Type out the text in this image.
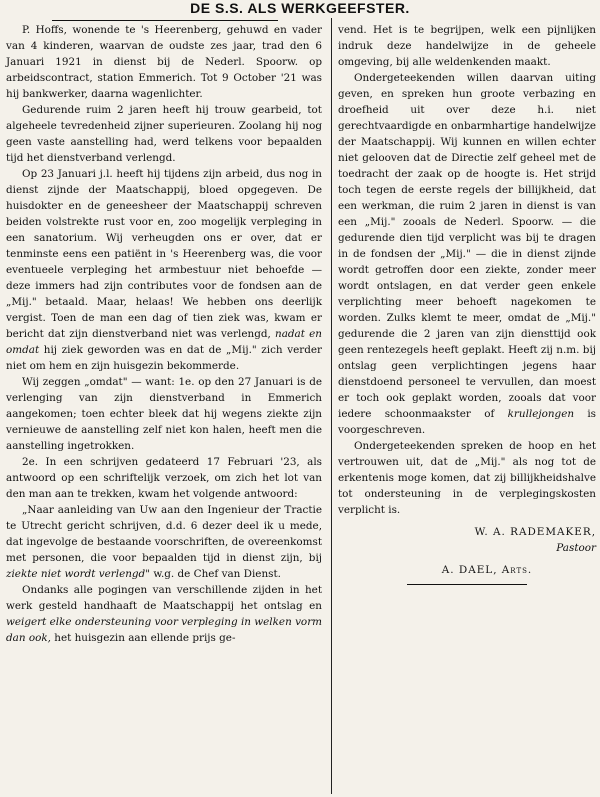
DE S.S. ALS WERKGEEFSTER.

P. Hoffs, wonende te 's Heerenberg, gehuwd en vader van 4 kinderen, waarvan de oudste zes jaar, trad den 6 Januari 1921 in dienst bij de Nederl. Spoorw. op arbeidscontract, station Emmerich. Tot 9 October '21 was hij bankwerker, daarna wagenlichter.

Gedurende ruim 2 jaren heeft hij trouw gearbeid, tot algeheele tevredenheid zijner superieuren. Zoolang hij nog geen vaste aanstelling had, werd telkens voor bepaalden tijd het dienstverband verlengd.

Op 23 Januari j.l. heeft hij tijdens zijn arbeid, dus nog in dienst zijnde der Maatschappij, bloed opgegeven. De huisdokter en de geneesheer der Maatschappij schreven beiden volstrekte rust voor en, zoo mogelijk verpleging in een sanatorium. Wij verheugden ons er over, dat er tenminste eens een patiënt in 's Heerenberg was, die voor eventueele verpleging het armbestuur niet behoefde — deze immers had zijn contributes voor de fondsen aan de „Mij." betaald. Maar, helaas! We hebben ons deerlijk vergist. Toen de man een dag of tien ziek was, kwam er bericht dat zijn dienstverband niet was verlengd, nadat en omdat hij ziek geworden was en dat de „Mij." zich verder niet om hem en zijn huisgezin bekommerde.

Wij zeggen „omdat" — want: 1e. op den 27 Januari is de verlenging van zijn dienstverband in Emmerich aangekomen; toen echter bleek dat hij wegens ziekte zijn vernieuwe de aanstelling zelf niet kon halen, heeft men die aanstelling ingetrokken.

2e. In een schrijven gedateerd 17 Februari '23, als antwoord op een schriftelijk verzoek, om zich het lot van den man aan te trekken, kwam het volgende antwoord:

„Naar aanleiding van Uw aan den Ingenieur der Tractie te Utrecht gericht schrijven, d.d. 6 dezer deel ik u mede, dat ingevolge de bestaande voorschriften, de overeenkomst met personen, die voor bepaalden tijd in dienst zijn, bij ziekte niet wordt verlengd" w.g. de Chef van Dienst.

Ondanks alle pogingen van verschillende zijden in het werk gesteld handhaaft de Maatschappij het ontslag en weigert elke ondersteuning voor verpleging in welken vorm dan ook, het huisgezin aan ellende prijs ge-

vend. Het is te begrijpen, welk een pijnlijken indruk deze handelwijze in de geheele omgeving, bij alle weldenkenden maakt.

Ondergeteekenden willen daarvan uiting geven, en spreken hun groote verbazing en droefheid uit over deze h.i. niet gerechtvaardigde en onbarmhartige handelwijze der Maatschappij. Wij kunnen en willen echter niet gelooven dat de Directie zelf geheel met de toedracht der zaak op de hoogte is. Het strijd toch tegen de eerste regels der billijkheid, dat een werkman, die ruim 2 jaren in dienst is van een „Mij." zooals de Nederl. Spoorw. — die gedurende dien tijd verplicht was bij te dragen in de fondsen der „Mij." — die in dienst zijnde wordt getroffen door een ziekte, zonder meer wordt ontslagen, en dat verder geen enkele verplichting meer behoeft nagekomen te worden. Zulks klemt te meer, omdat de „Mij." gedurende die 2 jaren van zijn diensttijd ook geen rentezegels heeft geplakt. Heeft zij n.m. bij ontslag geen verplichtingen jegens haar dienstdoend personeel te vervullen, dan moest er toch ook geplakt worden, zooals dat voor iedere schoonmaakster of krullejongen is voorgeschreven.

Ondergeteekenden spreken de hoop en het vertrouwen uit, dat de „Mij." als nog tot de erkentenis moge komen, dat zij billijkheidshalve tot ondersteuning in de verplegingskosten verplicht is.

W. A. RADEMAKER,
Pastoor
A. DAEL, Arts.
